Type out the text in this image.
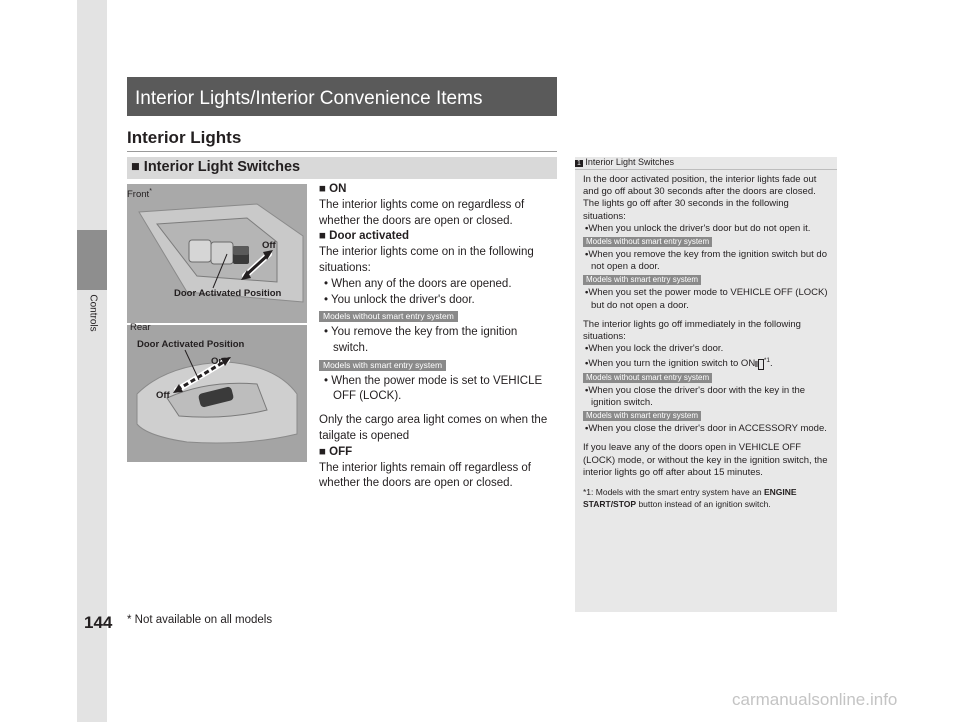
Controls
Interior Lights/Interior Convenience Items
Interior Lights
■ Interior Light Switches
Front*
Off
Door Activated Position
Rear
Door Activated Position
On
Off

■ ON

The interior lights come on regardless of whether the doors are open or closed.

■ Door activated

The interior lights come on in the following situations:

• When any of the doors are opened.

• You unlock the driver's door.

Models without smart entry system

• You remove the key from the ignition switch.

Models with smart entry system

• When the power mode is set to VEHICLE OFF (LOCK).

Only the cargo area light comes on when the tailgate is opened

■ OFF

The interior lights remain off regardless of whether the doors are open or closed.

1 Interior Light Switches

In the door activated position, the interior lights fade out and go off about 30 seconds after the doors are closed.

The lights go off after 30 seconds in the following situations:

•When you unlock the driver's door but do not open it.

Models without smart entry system

•When you remove the key from the ignition switch but do not open a door.

Models with smart entry system

•When you set the power mode to VEHICLE OFF (LOCK) but do not open a door.

The interior lights go off immediately in the following situations:

•When you lock the driver's door.

•When you turn the ignition switch to ON II $^{*1}$.

Models without smart entry system

•When you close the driver's door with the key in the ignition switch.

Models with smart entry system

•When you close the driver's door in ACCESSORY mode.

If you leave any of the doors open in VEHICLE OFF (LOCK) mode, or without the key in the ignition switch, the interior lights go off after about 15 minutes.

*1: Models with the smart entry system have an ENGINE START/STOP button instead of an ignition switch.

144 * Not available on all models
carmanualsonline.info
